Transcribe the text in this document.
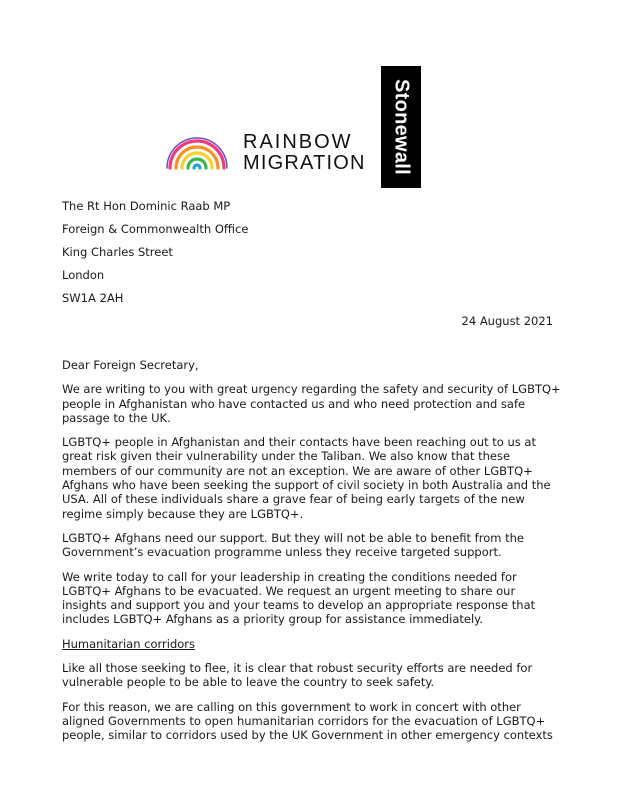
RAINBOW
MIGRATION Stonewall
The Rt Hon Dominic Raab MP
Foreign & Commonwealth Office
King Charles Street
London
SW1A 2AH
24 August 2021

Dear Foreign Secretary,

We are writing to you with great urgency regarding the safety and security of LGBTQ+
people in Afghanistan who have contacted us and who need protection and safe
passage to the UK.

LGBTQ+ people in Afghanistan and their contacts have been reaching out to us at
great risk given their vulnerability under the Taliban. We also know that these
members of our community are not an exception. We are aware of other LGBTQ+
Afghans who have been seeking the support of civil society in both Australia and the
USA. All of these individuals share a grave fear of being early targets of the new
regime simply because they are LGBTQ+.

LGBTQ+ Afghans need our support. But they will not be able to benefit from the
Government’s evacuation programme unless they receive targeted support.

We write today to call for your leadership in creating the conditions needed for
LGBTQ+ Afghans to be evacuated. We request an urgent meeting to share our
insights and support you and your teams to develop an appropriate response that
includes LGBTQ+ Afghans as a priority group for assistance immediately.

Humanitarian corridors

Like all those seeking to flee, it is clear that robust security efforts are needed for
vulnerable people to be able to leave the country to seek safety.

For this reason, we are calling on this government to work in concert with other
aligned Governments to open humanitarian corridors for the evacuation of LGBTQ+
people, similar to corridors used by the UK Government in other emergency contexts
